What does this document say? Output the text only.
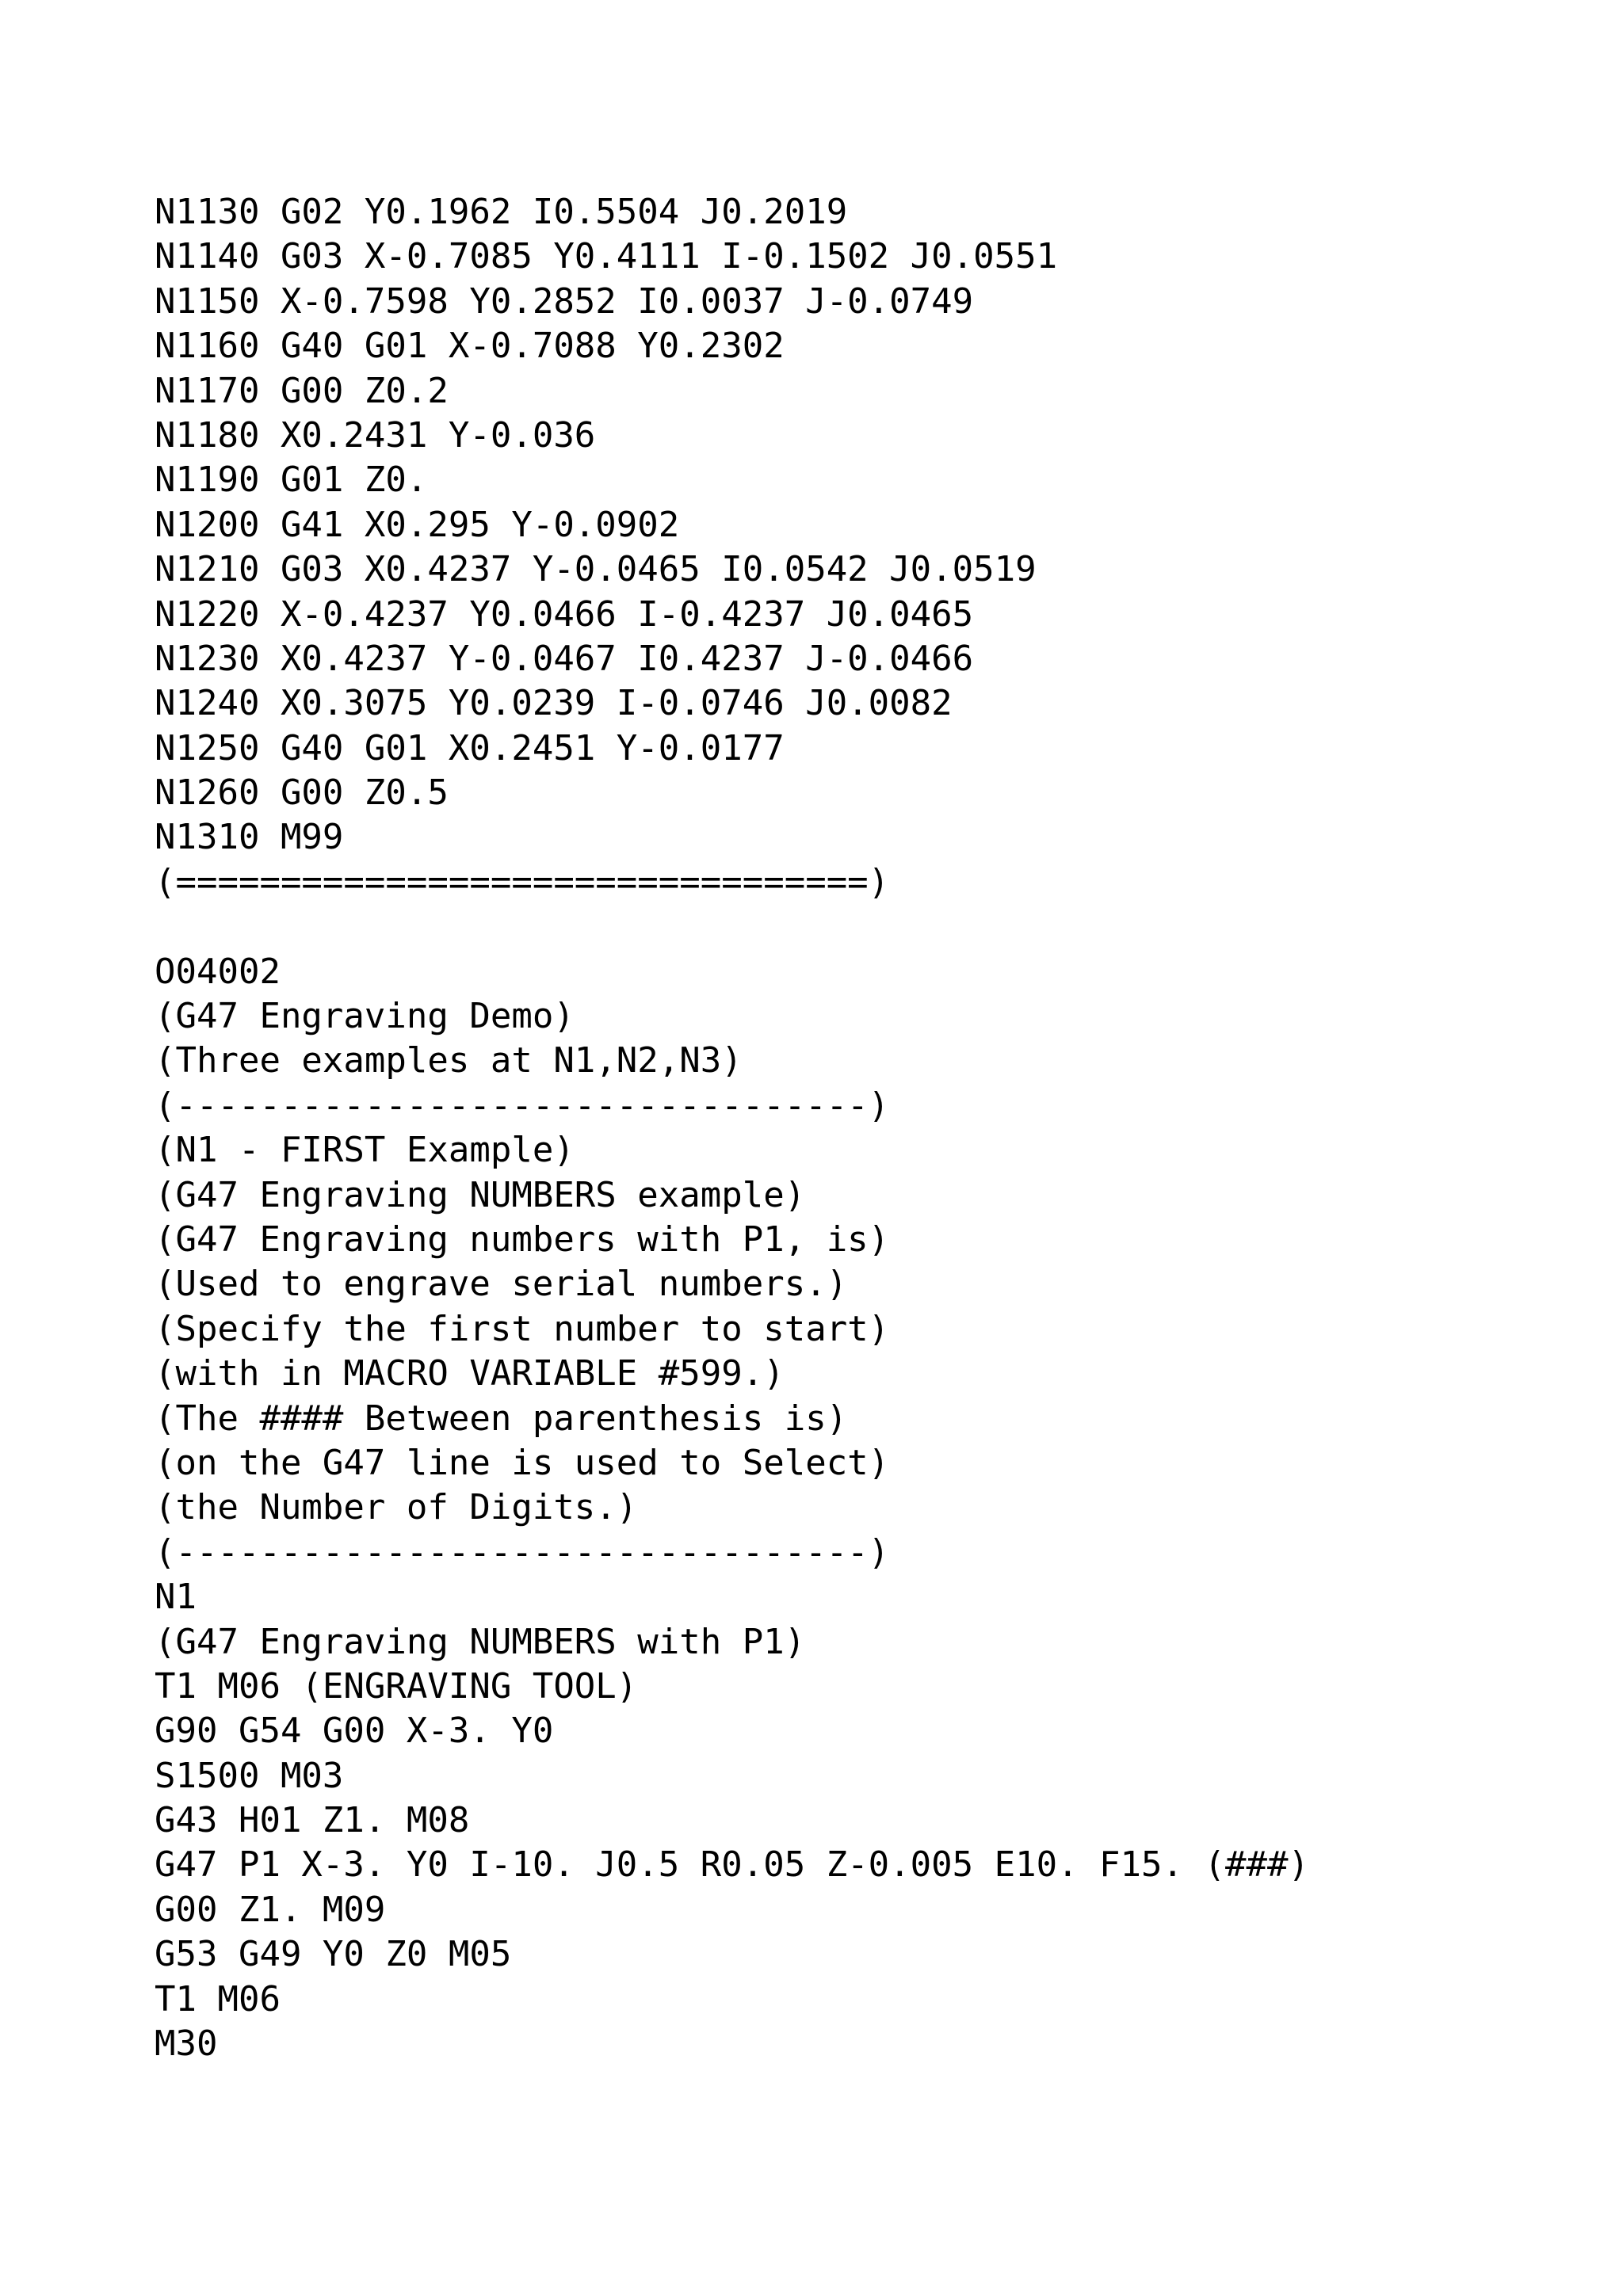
N1130 G02 Y0.1962 I0.5504 J0.2019
N1140 G03 X-0.7085 Y0.4111 I-0.1502 J0.0551
N1150 X-0.7598 Y0.2852 I0.0037 J-0.0749
N1160 G40 G01 X-0.7088 Y0.2302
N1170 G00 Z0.2
N1180 X0.2431 Y-0.036
N1190 G01 Z0.
N1200 G41 X0.295 Y-0.0902
N1210 G03 X0.4237 Y-0.0465 I0.0542 J0.0519
N1220 X-0.4237 Y0.0466 I-0.4237 J0.0465
N1230 X0.4237 Y-0.0467 I0.4237 J-0.0466
N1240 X0.3075 Y0.0239 I-0.0746 J0.0082
N1250 G40 G01 X0.2451 Y-0.0177
N1260 G00 Z0.5
N1310 M99
(=================================)
O04002
(G47 Engraving Demo)
(Three examples at N1,N2,N3)
(---------------------------------)
(N1 - FIRST Example)
(G47 Engraving NUMBERS example)
(G47 Engraving numbers with P1, is)
(Used to engrave serial numbers.)
(Specify the first number to start)
(with in MACRO VARIABLE #599.)
(The #### Between parenthesis is)
(on the G47 line is used to Select)
(the Number of Digits.)
(---------------------------------)
N1
(G47 Engraving NUMBERS with P1)
T1 M06 (ENGRAVING TOOL)
G90 G54 G00 X-3. Y0
S1500 M03
G43 H01 Z1. M08
G47 P1 X-3. Y0 I-10. J0.5 R0.05 Z-0.005 E10. F15. (###)
G00 Z1. M09
G53 G49 Y0 Z0 M05
T1 M06
M30
